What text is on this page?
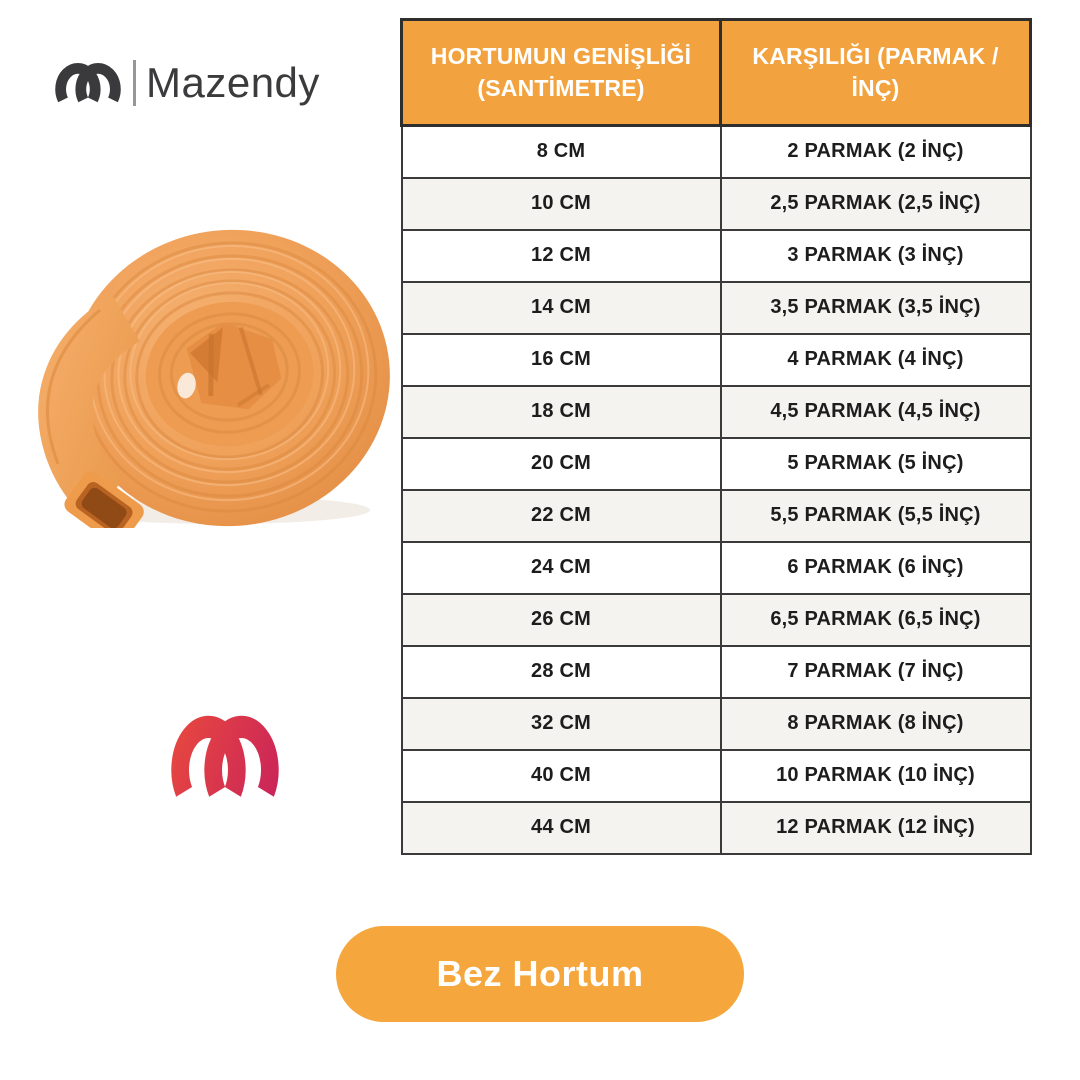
Mazendy
HORTUMUN GENİŞLİĞİ (SANTİMETRE)	KARŞILIĞI (PARMAK / İNÇ)
8 CM	2 PARMAK (2 İNÇ)
10 CM	2,5 PARMAK (2,5 İNÇ)
12 CM	3 PARMAK (3 İNÇ)
14 CM	3,5 PARMAK (3,5 İNÇ)
16 CM	4 PARMAK (4 İNÇ)
18 CM	4,5 PARMAK (4,5 İNÇ)
20 CM	5 PARMAK (5 İNÇ)
22 CM	5,5 PARMAK (5,5 İNÇ)
24 CM	6 PARMAK (6 İNÇ)
26 CM	6,5 PARMAK (6,5 İNÇ)
28 CM	7 PARMAK (7 İNÇ)
32 CM	8 PARMAK (8 İNÇ)
40 CM	10 PARMAK (10 İNÇ)
44 CM	12 PARMAK (12 İNÇ)
Bez Hortum
